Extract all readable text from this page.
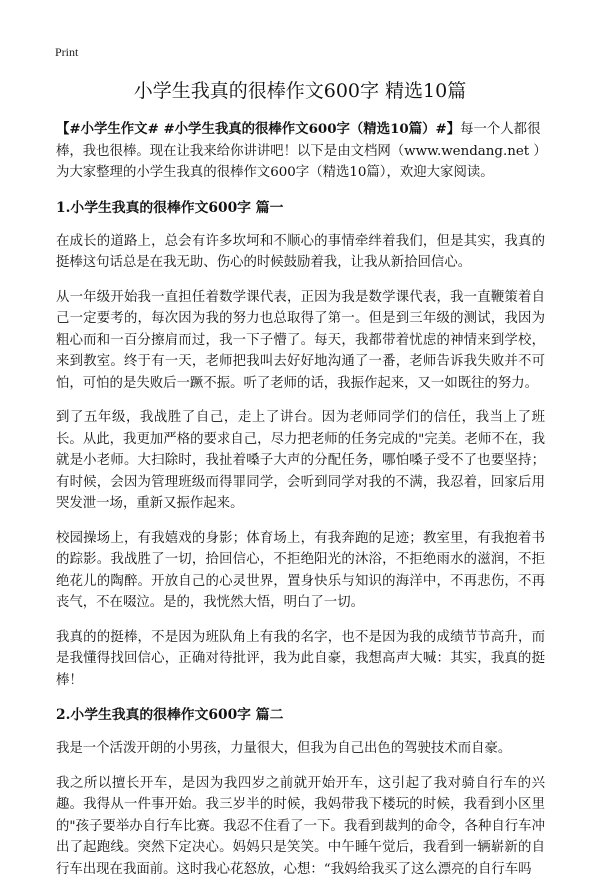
Print
小学生我真的很棒作文600字 精选10篇

【#小学生作文# #小学生我真的很棒作文600字（精选10篇）#】每一个人都很棒，我也很棒。现在让我来给你讲讲吧！以下是由文档网（www.wendang.net ）为大家整理的小学生我真的很棒作文600字（精选10篇），欢迎大家阅读。

1.小学生我真的很棒作文600字 篇一

在成长的道路上，总会有许多坎坷和不顺心的事情牵绊着我们，但是其实，我真的挺棒这句话总是在我无助、伤心的时候鼓励着我，让我从新拾回信心。

从一年级开始我一直担任着数学课代表，正因为我是数学课代表，我一直鞭策着自己一定要考的，每次因为我的努力也总取得了第一。但是到三年级的测试，我因为粗心而和一百分擦肩而过，我一下子懵了。每天，我都带着忧虑的神情来到学校，来到教室。终于有一天，老师把我叫去好好地沟通了一番，老师告诉我失败并不可怕，可怕的是失败后一蹶不振。听了老师的话，我振作起来，又一如既往的努力。

到了五年级，我战胜了自己，走上了讲台。因为老师同学们的信任，我当上了班长。从此，我更加严格的要求自己，尽力把老师的任务完成的"完美。老师不在，我就是小老师。大扫除时，我扯着嗓子大声的分配任务，哪怕嗓子受不了也要坚持；有时候，会因为管理班级而得罪同学，会听到同学对我的不满，我忍着，回家后用哭发泄一场，重新又振作起来。

校园操场上，有我嬉戏的身影；体育场上，有我奔跑的足迹；教室里，有我抱着书的踪影。我战胜了一切，拾回信心，不拒绝阳光的沐浴，不拒绝雨水的滋润，不拒绝花儿的陶醉。开放自己的心灵世界，置身快乐与知识的海洋中，不再悲伤，不再丧气，不在啜泣。是的，我恍然大悟，明白了一切。

我真的的挺棒，不是因为班队角上有我的名字，也不是因为我的成绩节节高升，而是我懂得找回信心，正确对待批评，我为此自豪，我想高声大喊：其实，我真的挺棒！

2.小学生我真的很棒作文600字 篇二

我是一个活泼开朗的小男孩，力量很大，但我为自己出色的驾驶技术而自豪。

我之所以擅长开车，是因为我四岁之前就开始开车，这引起了我对骑自行车的兴趣。我得从一件事开始。我三岁半的时候，我妈带我下楼玩的时候，我看到小区里的"孩子要举办自行车比赛。我忍不住看了一下。我看到裁判的命令，各种自行车冲出了起跑线。突然下定决心。妈妈只是笑笑。中午睡午觉后，我看到一辆崭新的自行车出现在我面前。这时我心花怒放，心想：“我妈给我买了这么漂亮的自行车吗
